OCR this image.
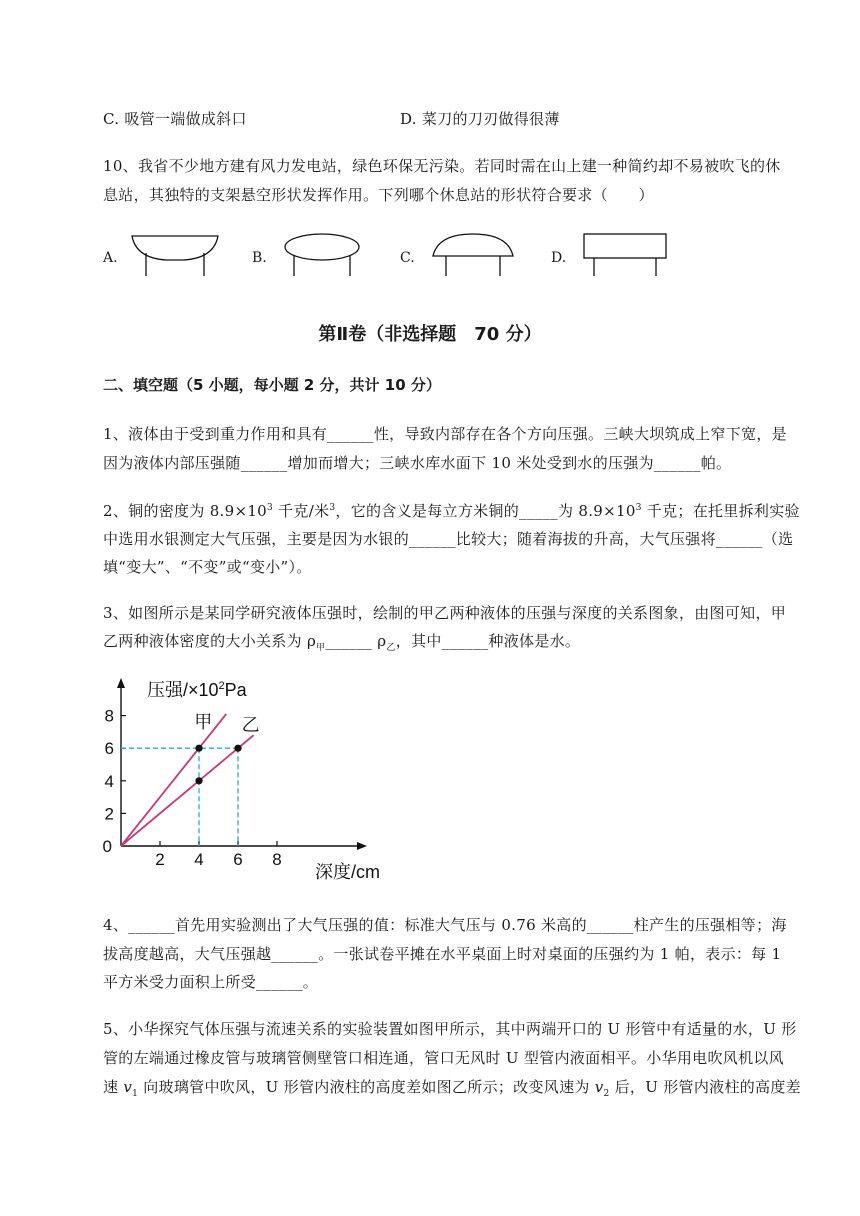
C. 吸管一端做成斜口	D. 菜刀的刀刃做得很薄
10、我省不少地方建有风力发电站，绿色环保无污染。若同时需在山上建一种简约却不易被吹飞的休
息站，其独特的支架悬空形状发挥作用。下列哪个休息站的形状符合要求（　　）
A.	B.	C.	D.
第Ⅱ卷（非选择题　70 分）
二、填空题（5 小题，每小题 2 分，共计 10 分）
1、液体由于受到重力作用和具有______性，导致内部存在各个方向压强。三峡大坝筑成上窄下宽，是
因为液体内部压强随______增加而增大；三峡水库水面下 10 米处受到水的压强为______帕。
2、铜的密度为 $8.9\times 10^3$ 千克/米$^3$，它的含义是每立方米铜的_____为 $8.9\times 10^3$ 千克；在托里拆利实验
中选用水银测定大气压强，主要是因为水银的______比较大；随着海拔的升高，大气压强将______（选
填“变大”、“不变”或“变小”）。
3、如图所示是某同学研究液体压强时，绘制的甲乙两种液体的压强与深度的关系图象，由图可知，甲
乙两种液体密度的大小关系为 $\rho_甲\_\_\_\_\_\_$ $\rho_乙$，其中______种液体是水。
2 4 6 8
2
4
6
8
0
压强$/\times 10^2Pa$
深度/cm
甲 乙
4、______首先用实验测出了大气压强的值：标准大气压与 0.76 米高的______柱产生的压强相等；海
拔高度越高，大气压强越______。一张试卷平摊在水平桌面上时对桌面的压强约为 1 帕，表示：每 1
平方米受力面积上所受______。
5、小华探究气体压强与流速关系的实验装置如图甲所示，其中两端开口的 U 形管中有适量的水，U 形
管的左端通过橡皮管与玻璃管侧壁管口相连通，管口无风时 U 型管内液面相平。小华用电吹风机以风
速 $v_1$ 向玻璃管中吹风，U 形管内液柱的高度差如图乙所示；改变风速为 $v_2$ 后，U 形管内液柱的高度差
